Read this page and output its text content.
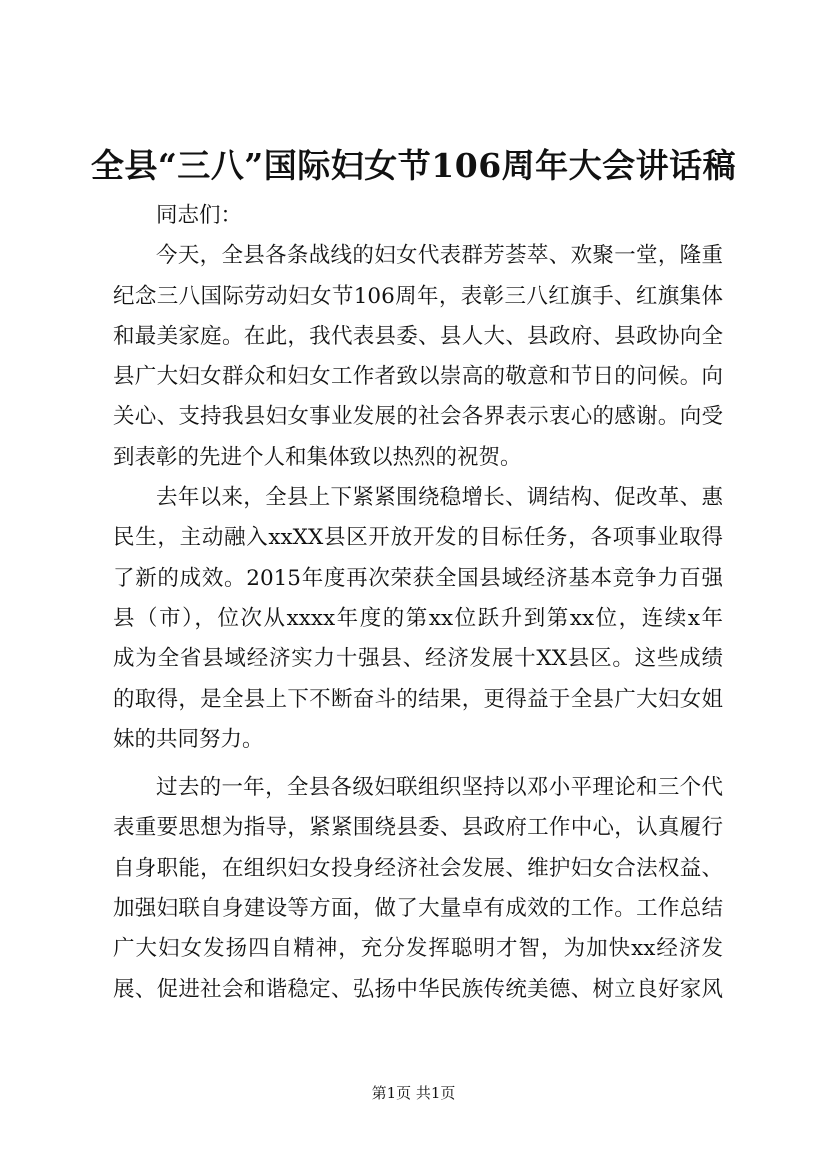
全县“三八”国际妇女节106周年大会讲话稿
同志们：
今天，全县各条战线的妇女代表群芳荟萃、欢聚一堂，隆重
纪念三八国际劳动妇女节106周年，表彰三八红旗手、红旗集体
和最美家庭。在此，我代表县委、县人大、县政府、县政协向全
县广大妇女群众和妇女工作者致以崇高的敬意和节日的问候。向
关心、支持我县妇女事业发展的社会各界表示衷心的感谢。向受
到表彰的先进个人和集体致以热烈的祝贺。
去年以来，全县上下紧紧围绕稳增长、调结构、促改革、惠
民生，主动融入xxXX县区开放开发的目标任务，各项事业取得
了新的成效。2015年度再次荣获全国县域经济基本竞争力百强
县（市），位次从xxxx年度的第xx位跃升到第xx位，连续x年
成为全省县域经济实力十强县、经济发展十XX县区。这些成绩
的取得，是全县上下不断奋斗的结果，更得益于全县广大妇女姐
妹的共同努力。
过去的一年，全县各级妇联组织坚持以邓小平理论和三个代
表重要思想为指导，紧紧围绕县委、县政府工作中心，认真履行
自身职能，在组织妇女投身经济社会发展、维护妇女合法权益、
加强妇联自身建设等方面，做了大量卓有成效的工作。工作总结
广大妇女发扬四自精神，充分发挥聪明才智，为加快xx经济发
展、促进社会和谐稳定、弘扬中华民族传统美德、树立良好家风
第1页 共1页
